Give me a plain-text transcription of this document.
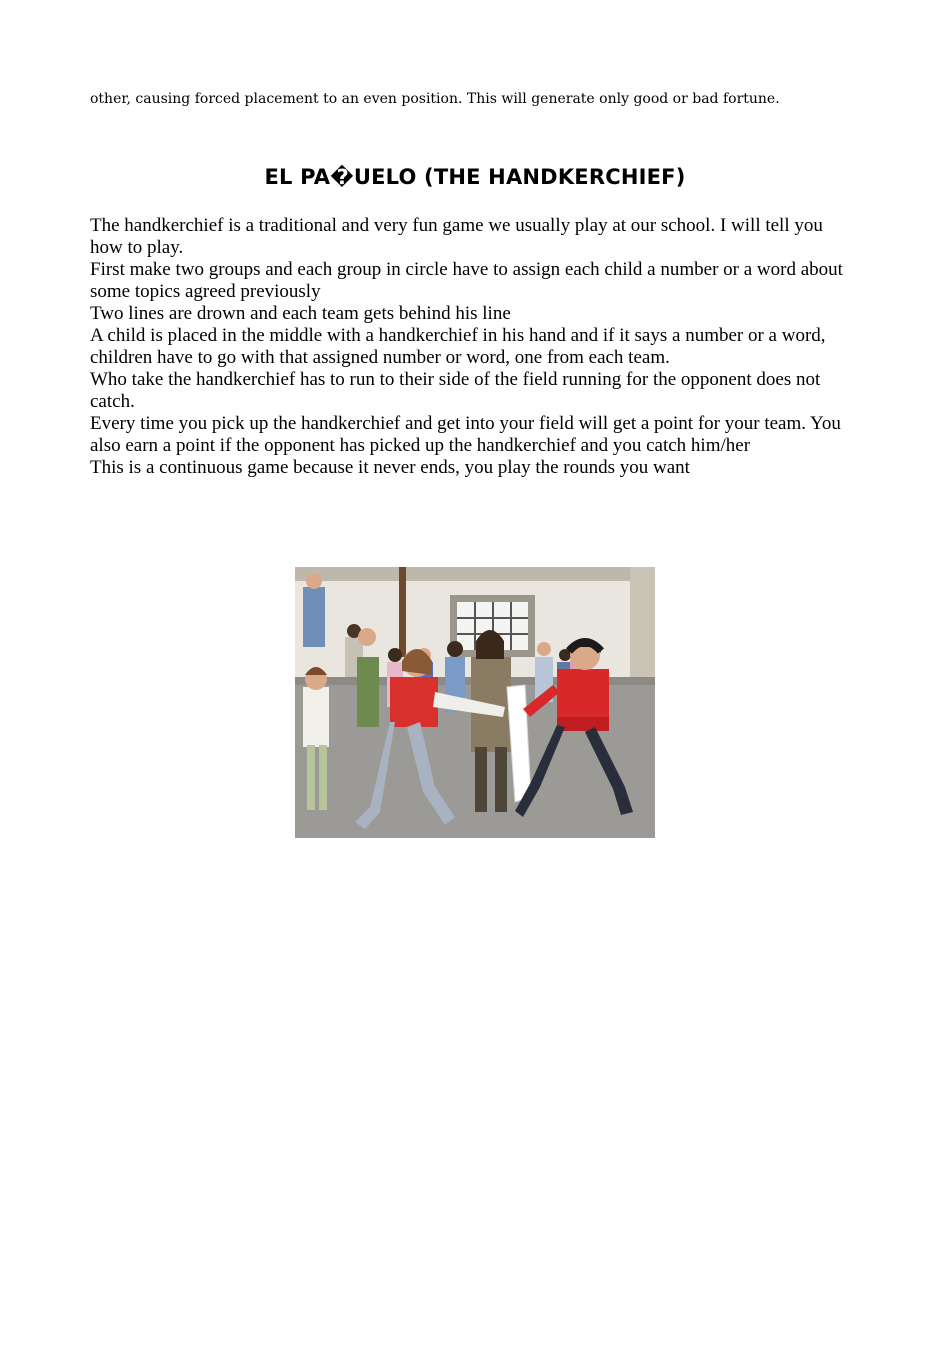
other, causing forced placement to an even position. This will generate only good or bad fortune.

EL PA�UELO (THE HANDKERCHIEF)

The handkerchief is a traditional and very fun game we usually play at our school. I will tell you how to play.

First make two groups and each group in circle have to assign each child a number or a word about some topics agreed previously

Two lines are drown and each team gets behind his line

A child is placed in the middle with a handkerchief in his hand and if it says a number or a word, children have to go with that assigned number or word, one from each team.

Who take the handkerchief has to run to their side of the field running for the opponent does not catch.

Every time you pick up the handkerchief and get into your field will get a point for your team. You also earn a point if the opponent has picked up the handkerchief and you catch him/her

This is a continuous game because it never ends, you play the rounds you want
